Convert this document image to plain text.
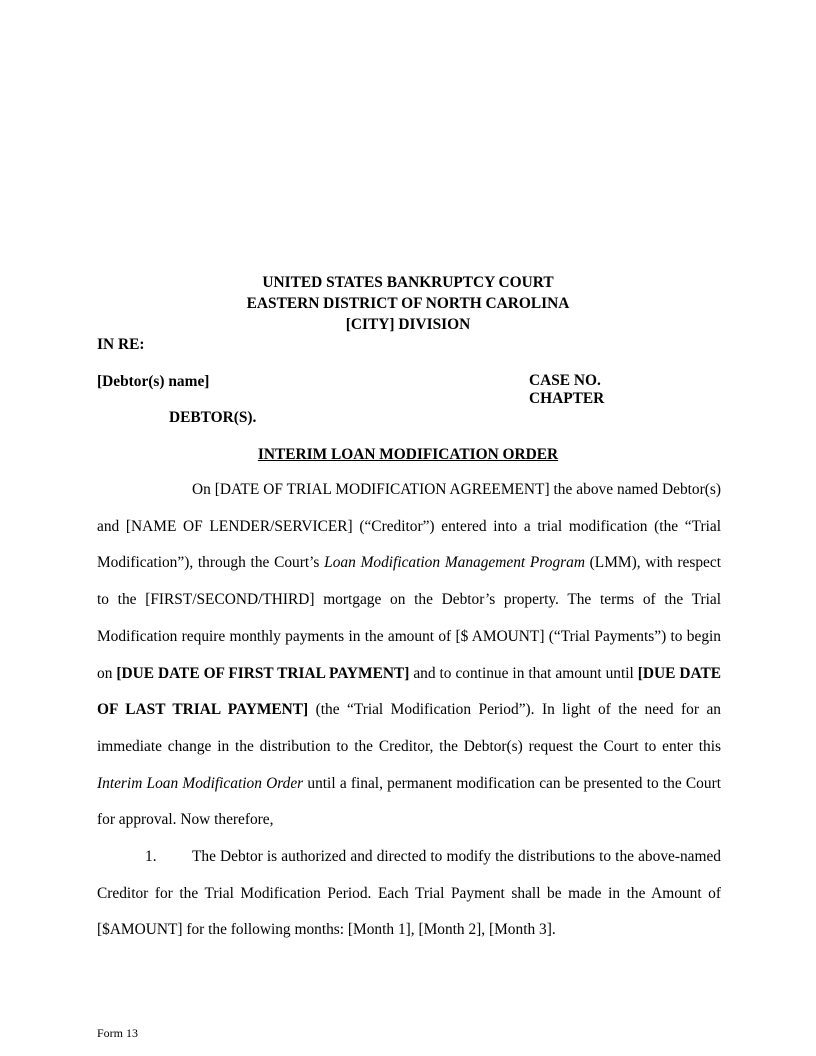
UNITED STATES BANKRUPTCY COURT
EASTERN DISTRICT OF NORTH CAROLINA
[CITY] DIVISION
IN RE:
[Debtor(s) name]	CASE NO.
CHAPTER
DEBTOR(S).
INTERIM LOAN MODIFICATION ORDER

On [DATE OF TRIAL MODIFICATION AGREEMENT] the above named Debtor(s) and [NAME OF LENDER/SERVICER] (“Creditor”) entered into a trial modification (the “Trial Modification”), through the Court’s Loan Modification Management Program (LMM), with respect to the [FIRST/SECOND/THIRD] mortgage on the Debtor’s property. The terms of the Trial Modification require monthly payments in the amount of [$ AMOUNT] (“Trial Payments”) to begin on [DUE DATE OF FIRST TRIAL PAYMENT] and to continue in that amount until [DUE DATE OF LAST TRIAL PAYMENT] (the “Trial Modification Period”). In light of the need for an immediate change in the distribution to the Creditor, the Debtor(s) request the Court to enter this Interim Loan Modification Order until a final, permanent modification can be presented to the Court for approval. Now therefore,

1. The Debtor is authorized and directed to modify the distributions to the above-named Creditor for the Trial Modification Period. Each Trial Payment shall be made in the Amount of [$AMOUNT] for the following months: [Month 1], [Month 2], [Month 3].

Form 13
